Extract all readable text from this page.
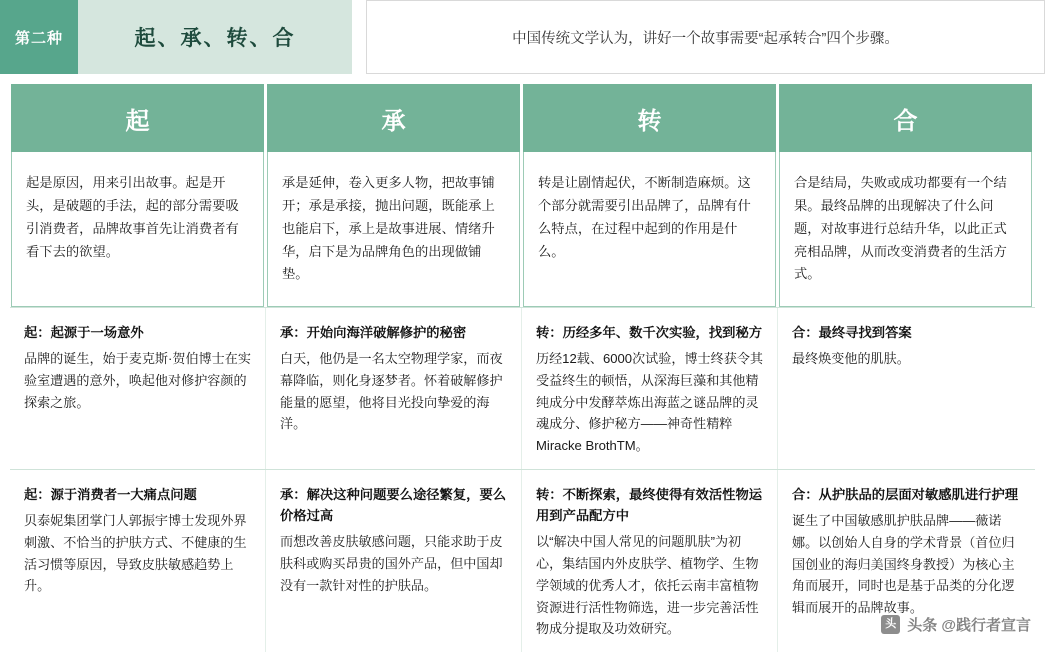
第二种	起、承、转、合	中国传统文学认为，讲好一个故事需要“起承转合”四个步骤。
起
起是原因，用来引出故事。起是开头，是破题的手法，起的部分需要吸引消费者，品牌故事首先让消费者有看下去的欲望。
承
承是延伸，卷入更多人物，把故事铺开；承是承接，抛出问题，既能承上也能启下，承上是故事进展、情绪升华，启下是为品牌角色的出现做铺垫。
转
转是让剧情起伏，不断制造麻烦。这个部分就需要引出品牌了，品牌有什么特点，在过程中起到的作用是什么。
合
合是结局，失败或成功都要有一个结果。最终品牌的出现解决了什么问题，对故事进行总结升华，以此正式亮相品牌，从而改变消费者的生活方式。
起：起源于一场意外
品牌的诞生，始于麦克斯·贺伯博士在实验室遭遇的意外，唤起他对修护容颜的探索之旅。
承：开始向海洋破解修护的秘密
白天，他仍是一名太空物理学家，而夜幕降临，则化身逐梦者。怀着破解修护能量的愿望，他将目光投向挚爱的海洋。
转：历经多年、数千次实验，找到秘方
历经12载、6000次试验，博士终获令其受益终生的顿悟，从深海巨藻和其他精纯成分中发酵萃炼出海蓝之谜品牌的灵魂成分、修护秘方——神奇性精粹Miracke BrothTM。
合：最终寻找到答案
最终焕变他的肌肤。
起：源于消费者一大痛点问题
贝泰妮集团掌门人郭振宇博士发现外界刺激、不恰当的护肤方式、不健康的生活习惯等原因，导致皮肤敏感趋势上升。
承：解决这种问题要么途径繁复，要么价格过高
而想改善皮肤敏感问题，只能求助于皮肤科或购买昂贵的国外产品，但中国却没有一款针对性的护肤品。
转：不断探索，最终使得有效活性物运用到产品配方中
以“解决中国人常见的问题肌肤”为初心，集结国内外皮肤学、植物学、生物学领域的优秀人才，依托云南丰富植物资源进行活性物筛选，进一步完善活性物成分提取及功效研究。
合：从护肤品的层面对敏感肌进行护理
诞生了中国敏感肌护肤品牌——薇诺娜。以创始人自身的学术背景（首位归国创业的海归美国终身教授）为核心主角而展开，同时也是基于品类的分化逻辑而展开的品牌故事。
头条
头条 @践行者宣言
